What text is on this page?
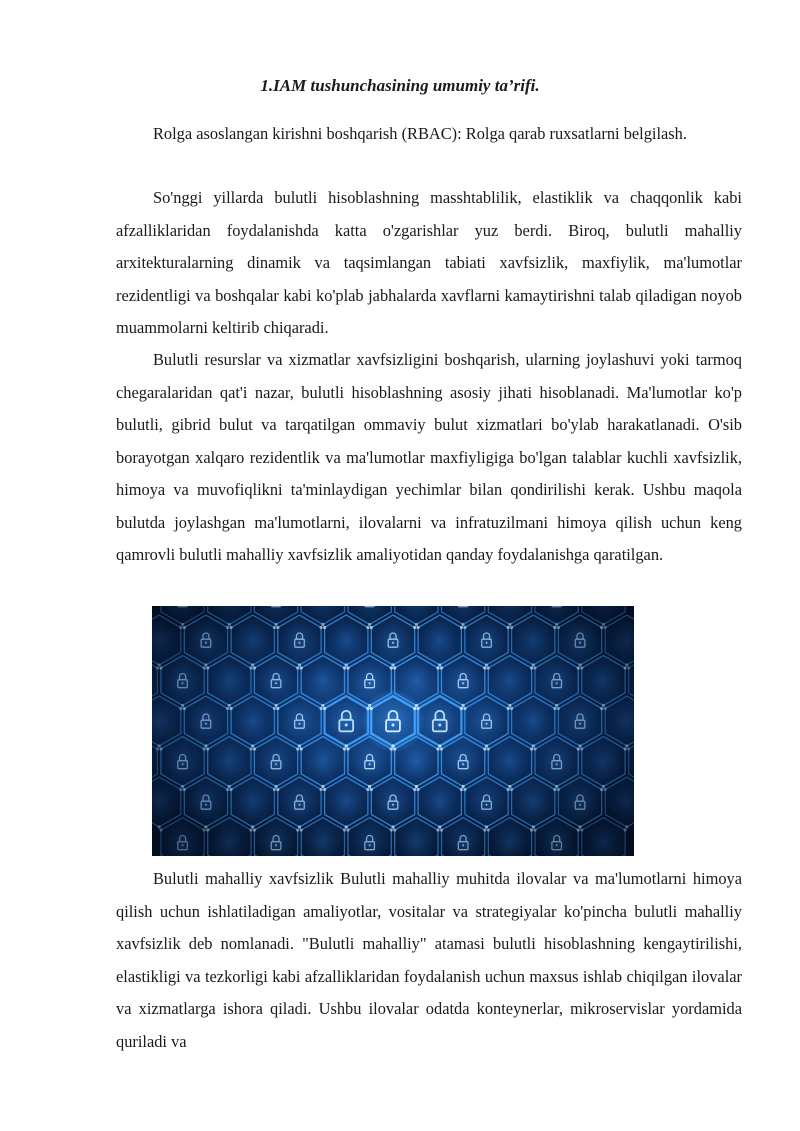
1.IAM tushunchasining umumiy ta’rifi.

Rolga asoslangan kirishni boshqarish (RBAC): Rolga qarab ruxsatlarni belgilash.

So'nggi yillarda bulutli hisoblashning masshtablilik, elastiklik va chaqqonlik kabi afzalliklaridan foydalanishda katta o'zgarishlar yuz berdi. Biroq, bulutli mahalliy arxitekturalarning dinamik va taqsimlangan tabiati xavfsizlik, maxfiylik, ma'lumotlar rezidentligi va boshqalar kabi ko'plab jabhalarda xavflarni kamaytirishni talab qiladigan noyob muammolarni keltirib chiqaradi.

Bulutli resurslar va xizmatlar xavfsizligini boshqarish, ularning joylashuvi yoki tarmoq chegaralaridan qat'i nazar, bulutli hisoblashning asosiy jihati hisoblanadi. Ma'lumotlar ko'p bulutli, gibrid bulut va tarqatilgan ommaviy bulut xizmatlari bo'ylab harakatlanadi. O'sib borayotgan xalqaro rezidentlik va ma'lumotlar maxfiyligiga bo'lgan talablar kuchli xavfsizlik, himoya va muvofiqlikni ta'minlaydigan yechimlar bilan qondirilishi kerak. Ushbu maqola bulutda joylashgan ma'lumotlarni, ilovalarni va infratuzilmani himoya qilish uchun keng qamrovli bulutli mahalliy xavfsizlik amaliyotidan qanday foydalanishga qaratilgan.

Bulutli mahalliy xavfsizlik Bulutli mahalliy muhitda ilovalar va ma'lumotlarni himoya qilish uchun ishlatiladigan amaliyotlar, vositalar va strategiyalar ko'pincha bulutli mahalliy xavfsizlik deb nomlanadi. "Bulutli mahalliy" atamasi bulutli hisoblashning kengaytirilishi, elastikligi va tezkorligi kabi afzalliklaridan foydalanish uchun maxsus ishlab chiqilgan ilovalar va xizmatlarga ishora qiladi. Ushbu ilovalar odatda konteynerlar, mikroservislar yordamida quriladi va
